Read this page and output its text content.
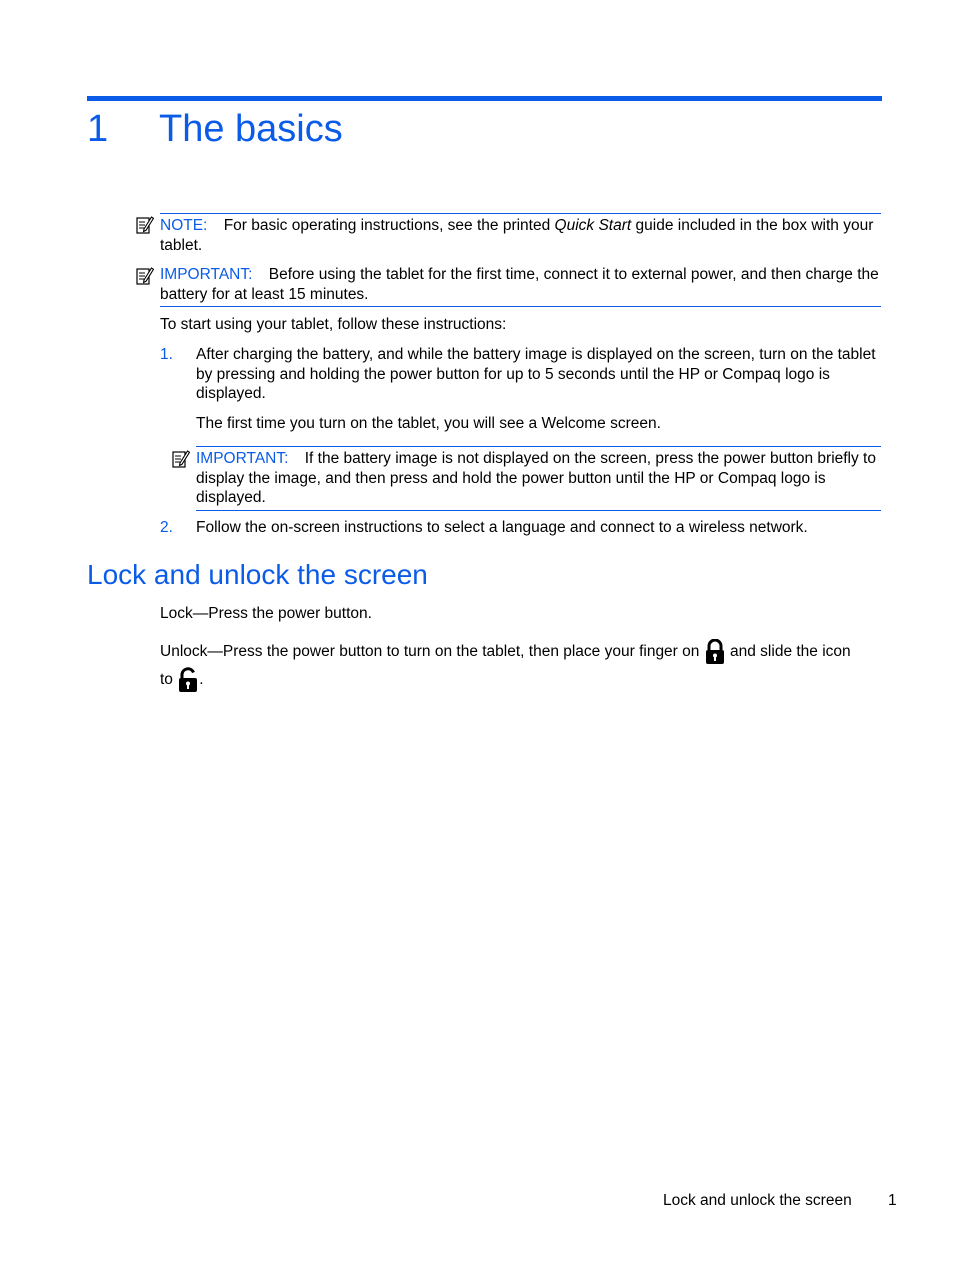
1 The basics

NOTE: For basic operating instructions, see the printed Quick Start guide included in the box with your tablet.

IMPORTANT: Before using the tablet for the first time, connect it to external power, and then charge the battery for at least 15 minutes.

To start using your tablet, follow these instructions:

1. After charging the battery, and while the battery image is displayed on the screen, turn on the tablet by pressing and holding the power button for up to 5 seconds until the HP or Compaq logo is displayed.

The first time you turn on the tablet, you will see a Welcome screen.

IMPORTANT: If the battery image is not displayed on the screen, press the power button briefly to display the image, and then press and hold the power button until the HP or Compaq logo is displayed.

2. Follow the on-screen instructions to select a language and connect to a wireless network.

Lock and unlock the screen

Lock—Press the power button.

Unlock—Press the power button to turn on the tablet, then place your finger on and slide the icon
to .

Lock and unlock the screen 1
